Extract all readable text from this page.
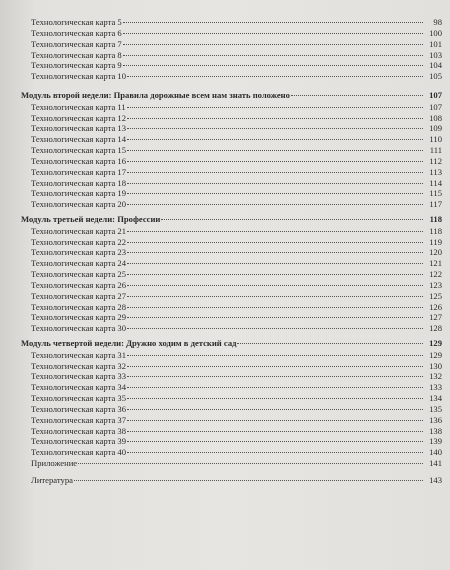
Технологическая карта 5	98
Технологическая карта 6	100
Технологическая карта 7	101
Технологическая карта 8	103
Технологическая карта 9	104
Технологическая карта 10	105
Модуль второй недели: Правила дорожные всем нам знать положено	107
Технологическая карта 11	107
Технологическая карта 12	108
Технологическая карта 13	109
Технологическая карта 14	110
Технологическая карта 15	111
Технологическая карта 16	112
Технологическая карта 17	113
Технологическая карта 18	114
Технологическая карта 19	115
Технологическая карта 20	117
Модуль третьей недели: Профессии	118
Технологическая карта 21	118
Технологическая карта 22	119
Технологическая карта 23	120
Технологическая карта 24	121
Технологическая карта 25	122
Технологическая карта 26	123
Технологическая карта 27	125
Технологическая карта 28	126
Технологическая карта 29	127
Технологическая карта 30	128
Модуль четвертой недели: Дружно ходим в детский сад	129
Технологическая карта 31	129
Технологическая карта 32	130
Технологическая карта 33	132
Технологическая карта 34	133
Технологическая карта 35	134
Технологическая карта 36	135
Технологическая карта 37	136
Технологическая карта 38	138
Технологическая карта 39	139
Технологическая карта 40	140
Приложение	141
Литература	143
